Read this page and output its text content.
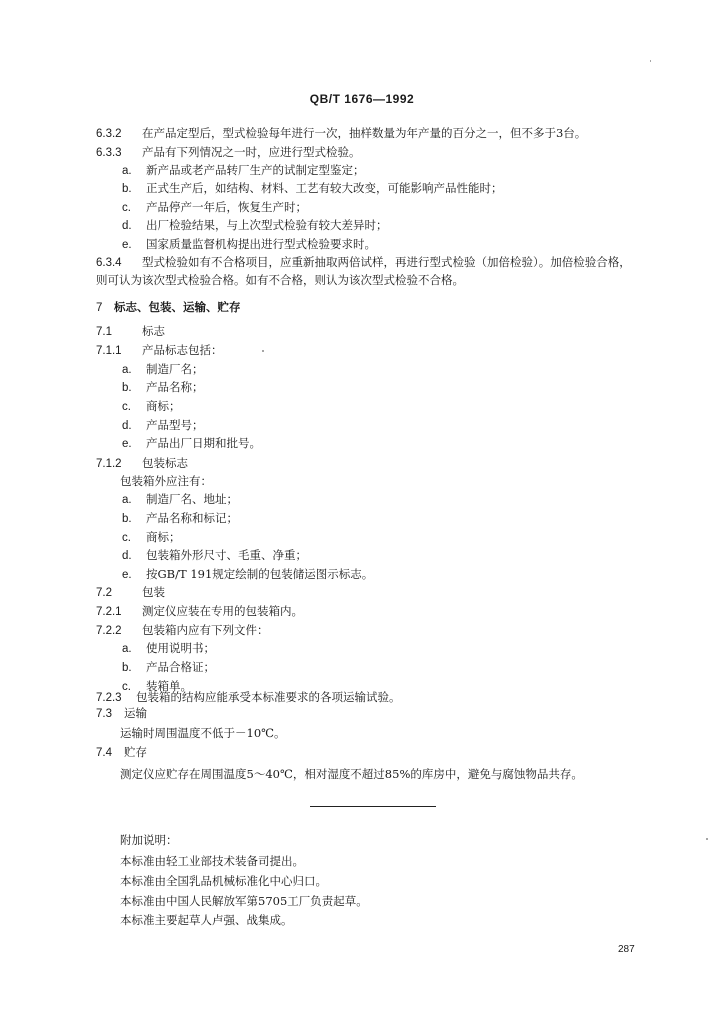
QB/T 1676—1992
6.3.2 在产品定型后，型式检验每年进行一次，抽样数量为年产量的百分之一，但不多于3台。
6.3.3 产品有下列情况之一时，应进行型式检验。
a. 新产品或老产品转厂生产的试制定型鉴定；
b. 正式生产后，如结构、材料、工艺有较大改变，可能影响产品性能时；
c. 产品停产一年后，恢复生产时；
d. 出厂检验结果，与上次型式检验有较大差异时；
e. 国家质量监督机构提出进行型式检验要求时。
6.3.4 型式检验如有不合格项目，应重新抽取两倍试样，再进行型式检验（加倍检验）。加倍检验合格，
则可认为该次型式检验合格。如有不合格，则认为该次型式检验不合格。
7 标志、包装、运输、贮存
7.1	标志
7.1.1 产品标志包括：
a. 制造厂名；
b. 产品名称；
c. 商标；
d. 产品型号；
e. 产品出厂日期和批号。
7.1.2 包装标志
包装箱外应注有：
a. 制造厂名、地址；
b. 产品名称和标记；
c. 商标；
d. 包装箱外形尺寸、毛重、净重；
e. 按GB/T 191规定绘制的包装储运图示标志。
7.2	包装
7.2.1 测定仪应装在专用的包装箱内。
7.2.2 包装箱内应有下列文件：
a. 使用说明书；
b. 产品合格证；
c. 装箱单。
7.2.3 包装箱的结构应能承受本标准要求的各项运输试验。
7.3 运输
运输时周围温度不低于－10℃。
7.4 贮存
测定仪应贮存在周围温度5～40℃，相对湿度不超过85%的库房中，避免与腐蚀物品共存。
附加说明：
本标准由轻工业部技术装备司提出。
本标准由全国乳品机械标准化中心归口。
本标准由中国人民解放军第5705工厂负责起草。
本标准主要起草人卢强、战集成。
287
